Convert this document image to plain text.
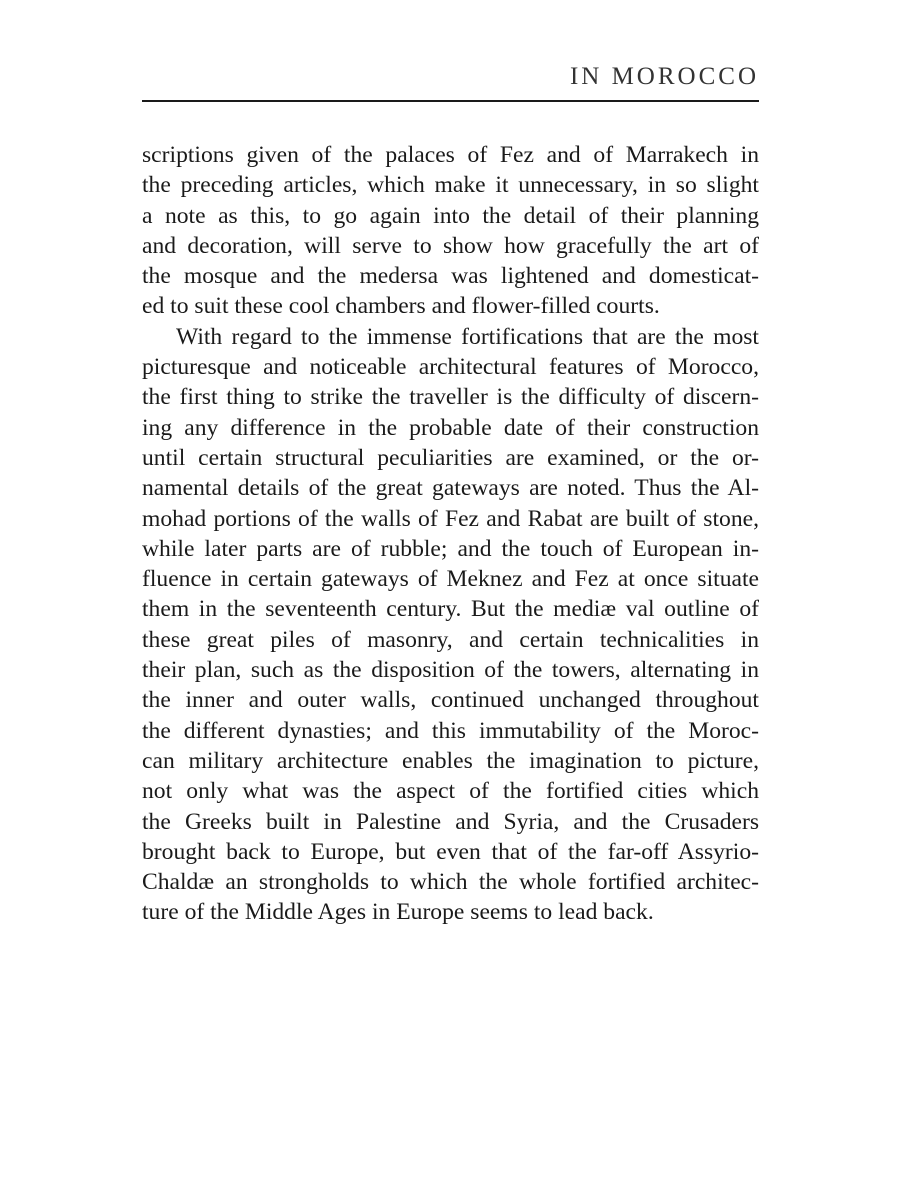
IN MOROCCO
scriptions given of the palaces of Fez and of Marrakech in
the preceding articles, which make it unnecessary, in so slight
a note as this, to go again into the detail of their planning
and decoration, will serve to show how gracefully the art of
the mosque and the medersa was lightened and domesticat-
ed to suit these cool chambers and flower-filled courts.
With regard to the immense fortifications that are the most
picturesque and noticeable architectural features of Morocco,
the first thing to strike the traveller is the difficulty of discern-
ing any difference in the probable date of their construction
until certain structural peculiarities are examined, or the or-
namental details of the great gateways are noted. Thus the Al-
mohad portions of the walls of Fez and Rabat are built of stone,
while later parts are of rubble; and the touch of European in-
fluence in certain gateways of Meknez and Fez at once situate
them in the seventeenth century. But the mediæ val outline of
these great piles of masonry, and certain technicalities in
their plan, such as the disposition of the towers, alternating in
the inner and outer walls, continued unchanged throughout
the different dynasties; and this immutability of the Moroc-
can military architecture enables the imagination to picture,
not only what was the aspect of the fortified cities which
the Greeks built in Palestine and Syria, and the Crusaders
brought back to Europe, but even that of the far-off Assyrio-
Chaldæ an strongholds to which the whole fortified architec-
ture of the Middle Ages in Europe seems to lead back.
